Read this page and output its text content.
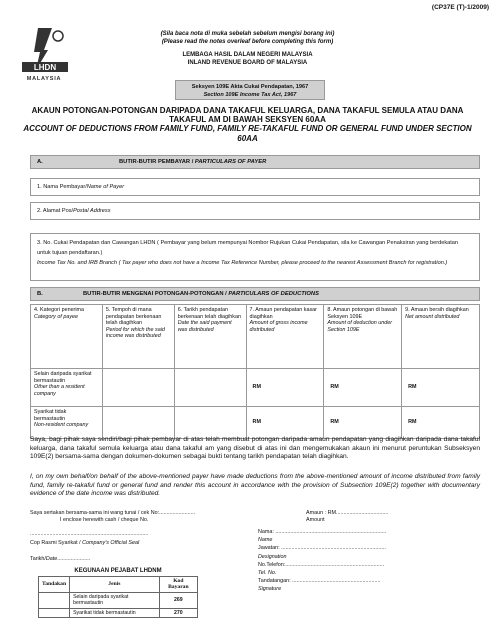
(CP37E (T)-1/2009)
LHDN
MALAYSIA
(Sila baca nota di muka sebelah sebelum mengisi borang ini)
(Please read the notes overleaf before completing this form)
LEMBAGA HASIL DALAM NEGERI MALAYSIA
INLAND REVENUE BOARD OF MALAYSIA
Seksyen 109E Akta Cukai Pendapatan, 1967
Section 109E Income Tax Act, 1967
AKAUN POTONGAN-POTONGAN DARIPADA DANA TAKAFUL KELUARGA, DANA TAKAFUL SEMULA ATAU DANA TAKAFUL AM DI BAWAH SEKSYEN 60AA
ACCOUNT OF DEDUCTIONS FROM FAMILY FUND, FAMILY RE-TAKAFUL FUND OR GENERAL FUND UNDER SECTION 60AA
A.	BUTIR-BUTIR PEMBAYAR / PARTICULARS OF PAYER
1. Nama Pembayar/Name of Payer
2. Alamat Pos/Postal Address
3. No. Cukai Pendapatan dan Cawangan LHDN ( Pembayar yang belum mempunyai Nombor Rujukan Cukai Pendapatan, sila ke Cawangan Penaksiran yang berdekatan untuk tujuan pendaftaran.)
Income Tax No. and IRB Branch ( Tax payer who does not have a Income Tax Reference Number, please proceed to the nearest Assessment Branch for registration.)
B.	BUTIR-BUTIR MENGENAI POTONGAN-POTONGAN / PARTICULARS OF DEDUCTIONS
4. Kategori penerima
Category of payee	5. Tempoh di mana pendapatan berkenaan telah diagihkan
Period for which the said income was distributed	6. Tarikh pendapatan berkenaan telah diagihkan
Date the said payment was distributed	7. Amaun pendapatan kasar diagihkan
Amount of gross income distributed	8. Amaun potongan di bawah Seksyen 109E
Amount of deduction under Section 109E	9. Amaun bersih diagihkan
Net amount distributed
Selain daripada syarikat bermastautin
Other than a resident company			RM	RM	RM
Syarikat tidak bermastautin
Non-resident company			RM	RM	RM
Saya, bagi pihak saya sendiri/bagi pihak pembayar di atas telah membuat potongan daripada amaun pendapatan yang diagihkan daripada dana takaful keluarga, dana takaful semula keluarga atau dana takaful am yang disebut di atas ini dan mengemukakan akaun ini menurut peruntukan Subseksyen 109E(2) bersama-sama dengan dokumen-dokumen sebagai bukti tentang tarikh pendapatan telah diagihkan.
I, on my own behalf/on behalf of the above-mentioned payer have made deductions from the above-mentioned amount of income distributed from family fund, family re-takaful fund or general fund and render this account in accordance with the provision of Subsection 109E(2) together with documentary evidence of the date income was distributed.
Saya sertakan bersama-sama ini wang tunai / cek No:........................
I enclose herewith cash / cheque No.
Amaun : RM...................................
Amount
...............................................................................
Cop Rasmi Syarikat / Company's Official Seal
Tarikh/Date......................
Nama: ..........................................................................
Name
Jawatan: ......................................................................
Designation
No.Telefon:..................................................................
Tel. No.
Tandatangan: ...........................................................
Signature
KEGUNAAN PEJABAT LHDNM
Tandakan	Jenis	Kod Bayaran
	Selain daripada syarikat bermastautin	269
	Syarikat tidak bermastautin	270
